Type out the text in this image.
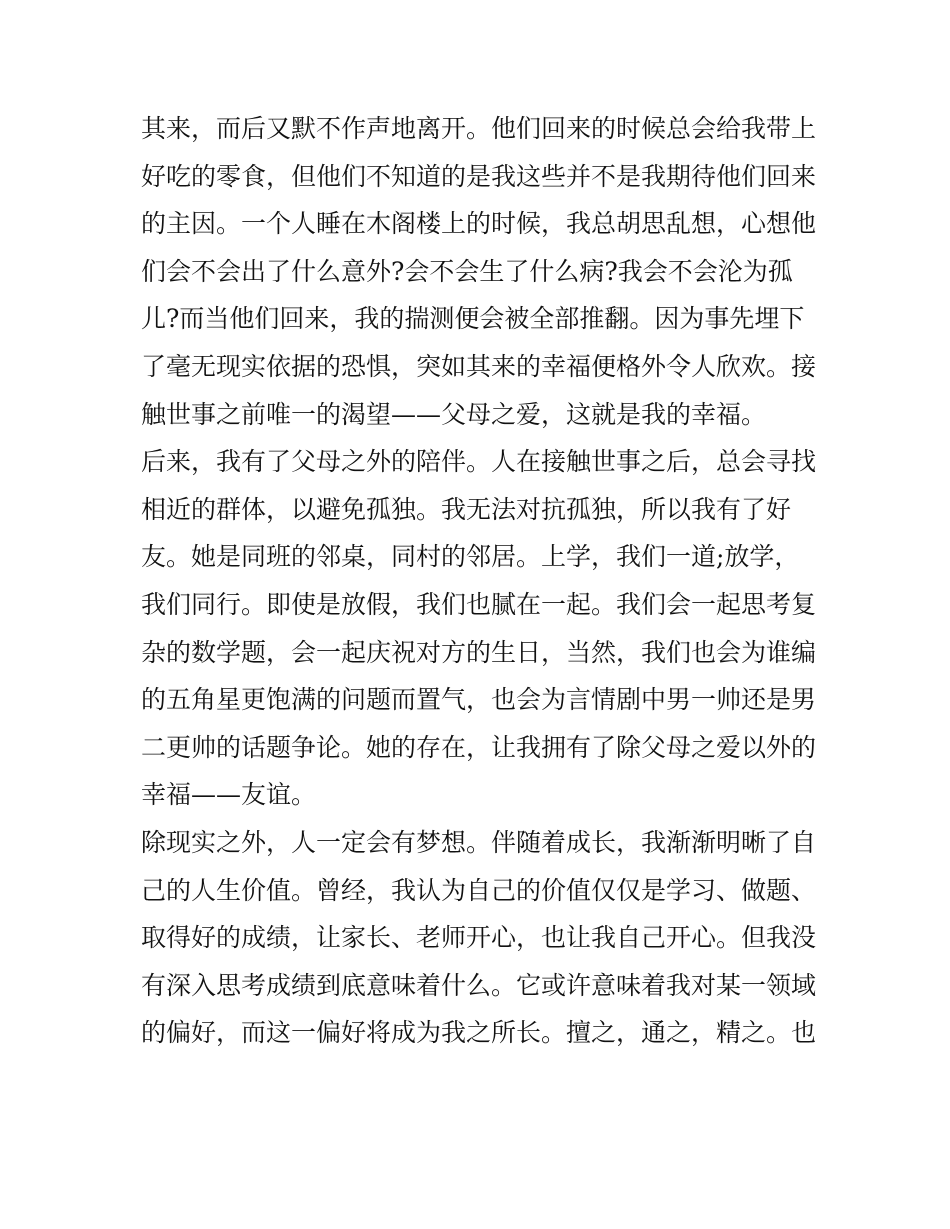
其来，而后又默不作声地离开。他们回来的时候总会给我带上
好吃的零食，但他们不知道的是我这些并不是我期待他们回来
的主因。一个人睡在木阁楼上的时候，我总胡思乱想，心想他
们会不会出了什么意外?会不会生了什么病?我会不会沦为孤
儿?而当他们回来，我的揣测便会被全部推翻。因为事先埋下
了毫无现实依据的恐惧，突如其来的幸福便格外令人欣欢。接
触世事之前唯一的渴望——父母之爱，这就是我的幸福。
后来，我有了父母之外的陪伴。人在接触世事之后，总会寻找
相近的群体，以避免孤独。我无法对抗孤独，所以我有了好
友。她是同班的邻桌，同村的邻居。上学，我们一道;放学，
我们同行。即使是放假，我们也腻在一起。我们会一起思考复
杂的数学题，会一起庆祝对方的生日，当然，我们也会为谁编
的五角星更饱满的问题而置气，也会为言情剧中男一帅还是男
二更帅的话题争论。她的存在，让我拥有了除父母之爱以外的
幸福——友谊。
除现实之外，人一定会有梦想。伴随着成长，我渐渐明晰了自
己的人生价值。曾经，我认为自己的价值仅仅是学习、做题、
取得好的成绩，让家长、老师开心，也让我自己开心。但我没
有深入思考成绩到底意味着什么。它或许意味着我对某一领域
的偏好，而这一偏好将成为我之所长。擅之，通之，精之。也
